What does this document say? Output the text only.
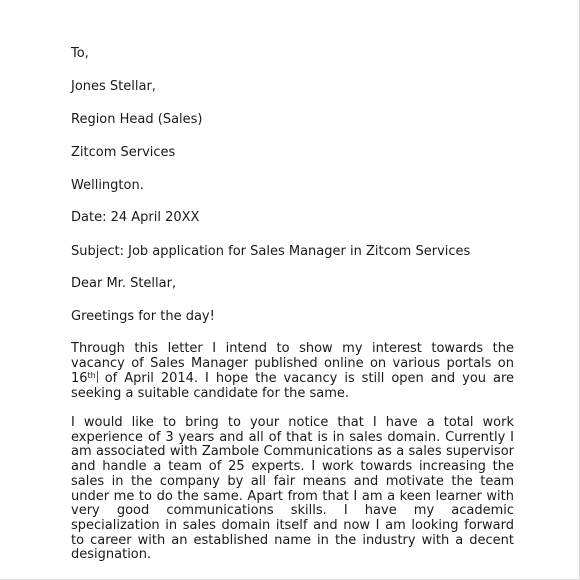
To,
Jones Stellar,
Region Head (Sales)
Zitcom Services
Wellington.
Date: 24 April 20XX
Subject: Job application for Sales Manager in Zitcom Services
Dear Mr. Stellar,
Greetings for the day!

Through this letter I intend to show my interest towards the vacancy of Sales Manager published online on various portals on 16th of April 2014. I hope the vacancy is still open and you are seeking a suitable candidate for the same.

I would like to bring to your notice that I have a total work experience of 3 years and all of that is in sales domain. Currently I am associated with Zambole Communications as a sales supervisor and handle a team of 25 experts. I work towards increasing the sales in the company by all fair means and motivate the team under me to do the same. Apart from that I am a keen learner with very good communications skills. I have my academic specialization in sales domain itself and now I am looking forward to career with an established name in the industry with a decent designation.
